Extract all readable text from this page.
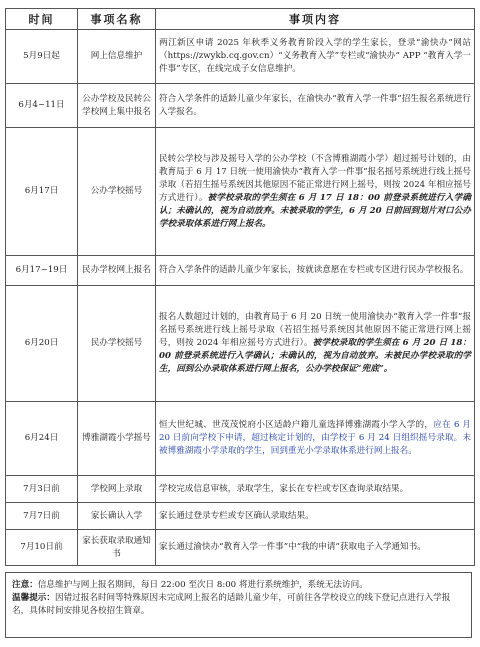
时间	事项名称	事项内容
5月9日起	网上信息维护	两江新区申请 2025 年秋季义务教育阶段入学的学生家长，登录“渝快办”网站（https://zwykb.cq.gov.cn）“义务教育入学”专栏或“渝快办” APP “教育入学一件事”专区，在线完成子女信息维护。
6月4~11日	公办学校及民转公学校网上集中报名	符合入学条件的适龄儿童少年家长，在渝快办“教育入学一件事”招生报名系统进行入学报名。
6月17日	公办学校摇号	民转公学校与涉及摇号入学的公办学校（不含博雅湖霞小学）超过摇号计划的，由教育局于 6 月 17 日统一使用渝快办“教育入学一件事”报名摇号系统进行线上摇号录取（若招生摇号系统因其他原因不能正常进行网上摇号，则按 2024 年相应摇号方式进行）。被学校录取的学生须在 6 月 17 日 18：00 前登录系统进行入学确认；未确认的，视为自动放弃。未被录取的学生，6 月 20 日前回到划片对口公办学校录取体系进行网上报名。
6月17~19日	民办学校网上报名	符合入学条件的适龄儿童少年家长，按就读意愿在专栏或专区进行民办学校报名。
6月20日	民办学校摇号	报名人数超过计划的，由教育局于 6 月 20 日统一使用渝快办“教育入学一件事”报名摇号系统进行线上摇号录取（若招生摇号系统因其他原因不能正常进行网上摇号，则按 2024 年相应摇号方式进行）。被学校录取的学生须在 6 月 20 日 18：00 前登录系统进行入学确认；未确认的，视为自动放弃。未被民办学校录取的学生，回到公办录取体系进行网上报名，公办学校保证“兜底”。
6月24日	博雅湖霞小学摇号	恒大世纪城、世茂茂悦府小区适龄户籍儿童选择博雅湖霞小学入学的，应在 6 月 20 日前向学校下申请，超过核定计划的，由学校于 6 月 24 日组织摇号录取。未被博雅湖霞小学录取的学生，回到重光小学录取体系进行网上报名。
7月3日前	学校网上录取	学校完成信息审核，录取学生，家长在专栏或专区查询录取结果。
7月7日前	家长确认入学	家长通过登录专栏或专区确认录取结果。
7月10日前	家长获取录取通知书	家长通过渝快办“教育入学一件事”中“我的申请”获取电子入学通知书。

注意：信息维护与网上报名期间，每日 22:00 至次日 8:00 将进行系统维护，系统无法访问。

温馨提示：因错过报名时间等特殊原因未完成网上报名的适龄儿童少年，可前往各学校设立的线下登记点进行入学报名，具体时间安排见各校招生简章。
